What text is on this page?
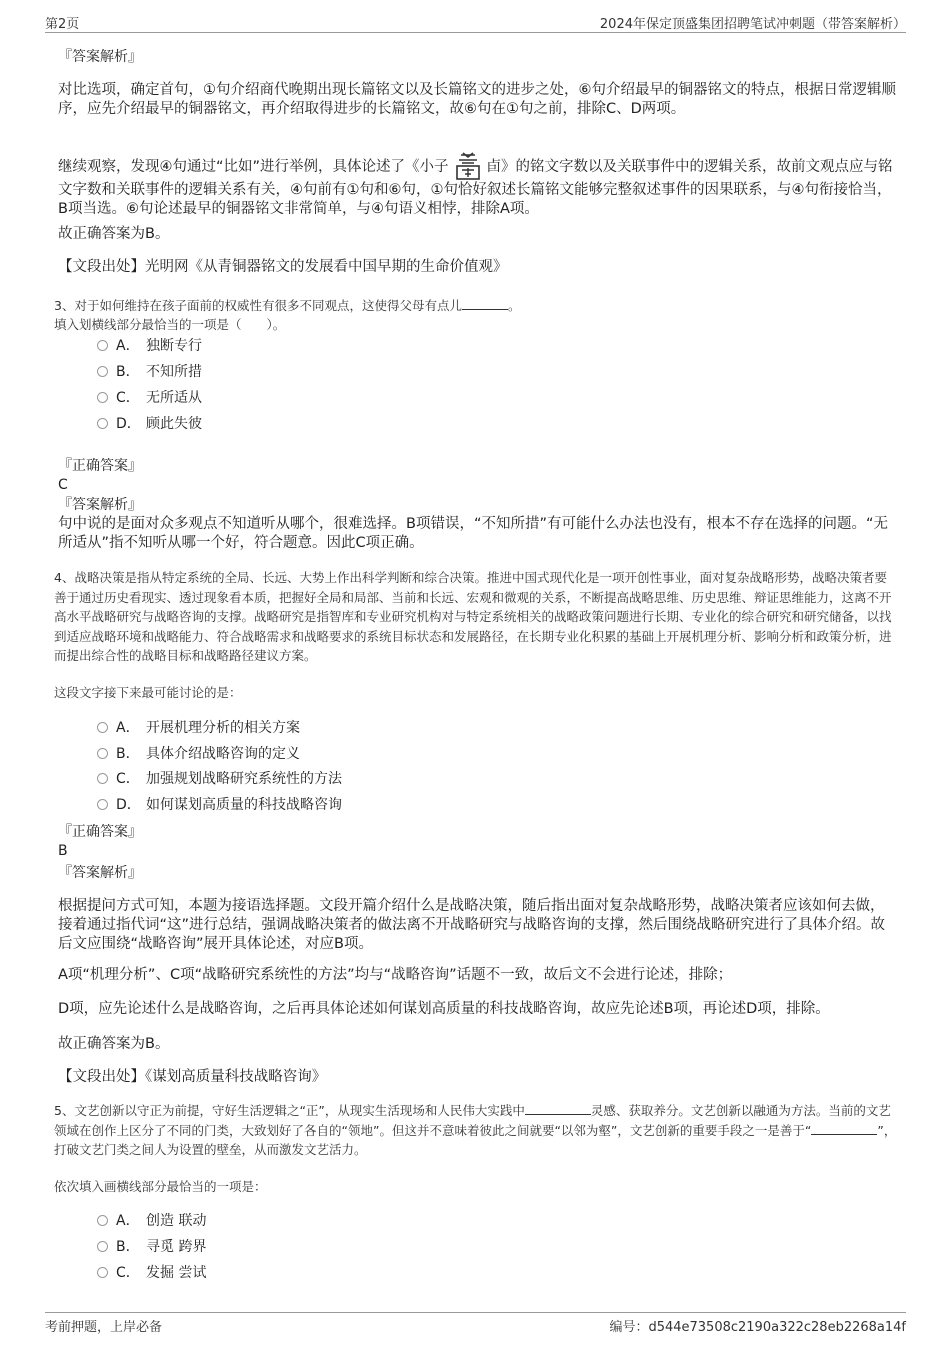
第2页	2024年保定顶盛集团招聘笔试冲刺题（带答案解析）
『答案解析』
对比选项，确定首句，①句介绍商代晚期出现长篇铭文以及长篇铭文的进步之处，⑥句介绍最早的铜器铭文的特点，根据日常逻辑顺序，应先介绍最早的铜器铭文，再介绍取得进步的长篇铭文，故⑥句在①句之前，排除C、D两项。
继续观察，发现④句通过“比如”进行举例，具体论述了《小子	卣》的铭文字数以及关联事件中的逻辑关系，故前文观点应与铭文字数和关联事件的逻辑关系有关，④句前有①句和⑥句，①句恰好叙述长篇铭文能够完整叙述事件的因果联系，与④句衔接恰当，B项当选。⑥句论述最早的铜器铭文非常简单，与④句语义相悖，排除A项。
故正确答案为B。
【文段出处】光明网《从青铜器铭文的发展看中国早期的生命价值观》
3、对于如何维持在孩子面前的权威性有很多不同观点，这使得父母有点儿	。
填入划横线部分最恰当的一项是（　　）。
A． 独断专行
B． 不知所措
C． 无所适从
D． 顾此失彼
『正确答案』
C
『答案解析』
句中说的是面对众多观点不知道听从哪个，很难选择。B项错误，“不知所措”有可能什么办法也没有，根本不存在选择的问题。“无所适从”指不知听从哪一个好，符合题意。因此C项正确。
4、战略决策是指从特定系统的全局、长远、大势上作出科学判断和综合决策。推进中国式现代化是一项开创性事业，面对复杂战略形势，战略决策者要善于通过历史看现实、透过现象看本质，把握好全局和局部、当前和长远、宏观和微观的关系，不断提高战略思维、历史思维、辩证思维能力，这离不开高水平战略研究与战略咨询的支撑。战略研究是指智库和专业研究机构对与特定系统相关的战略政策问题进行长期、专业化的综合研究和研究储备，以找到适应战略环境和战略能力、符合战略需求和战略要求的系统目标状态和发展路径，在长期专业化积累的基础上开展机理分析、影响分析和政策分析，进而提出综合性的战略目标和战略路径建议方案。
这段文字接下来最可能讨论的是：
A． 开展机理分析的相关方案
B． 具体介绍战略咨询的定义
C． 加强规划战略研究系统性的方法
D． 如何谋划高质量的科技战略咨询
『正确答案』
B
『答案解析』
根据提问方式可知，本题为接语选择题。文段开篇介绍什么是战略决策，随后指出面对复杂战略形势，战略决策者应该如何去做，接着通过指代词“这”进行总结，强调战略决策者的做法离不开战略研究与战略咨询的支撑，然后围绕战略研究进行了具体介绍。故后文应围绕“战略咨询”展开具体论述，对应B项。
A项“机理分析”、C项“战略研究系统性的方法”均与“战略咨询”话题不一致，故后文不会进行论述，排除；
D项，应先论述什么是战略咨询，之后再具体论述如何谋划高质量的科技战略咨询，故应先论述B项，再论述D项，排除。
故正确答案为B。
【文段出处】《谋划高质量科技战略咨询》
5、文艺创新以守正为前提，守好生活逻辑之“正”，从现实生活现场和人民伟大实践中	灵感、获取养分。文艺创新以融通为方法。当前的文艺领域在创作上区分了不同的门类，大致划好了各自的“领地”。但这并不意味着彼此之间就要“以邻为壑”，文艺创新的重要手段之一是善于“	”，打破文艺门类之间人为设置的壁垒，从而激发文艺活力。
依次填入画横线部分最恰当的一项是：
A． 创造 联动
B． 寻觅 跨界
C． 发掘 尝试
考前押题，上岸必备	编号：d544e73508c2190a322c28eb2268a14f
